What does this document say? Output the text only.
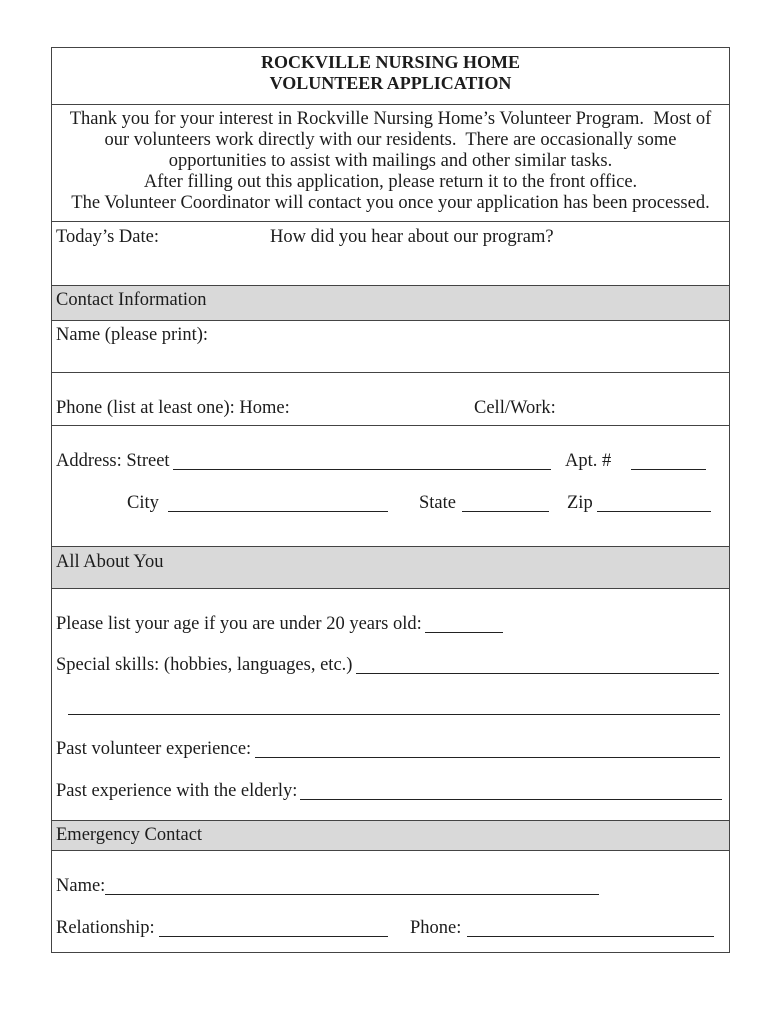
ROCKVILLE NURSING HOME
VOLUNTEER APPLICATION
Thank you for your interest in Rockville Nursing Home’s Volunteer Program.  Most of
our volunteers work directly with our residents.  There are occasionally some
opportunities to assist with mailings and other similar tasks.
After filling out this application, please return it to the front office.
The Volunteer Coordinator will contact you once your application has been processed.
Today’s Date:	How did you hear about our program?
Contact Information
Name (please print):
Phone (list at least one): Home:	Cell/Work:
Address: Street	Apt. #
City	State	Zip
All About You
Please list your age if you are under 20 years old:
Special skills: (hobbies, languages, etc.)
Past volunteer experience:
Past experience with the elderly:
Emergency Contact
Name:
Relationship:	Phone:
